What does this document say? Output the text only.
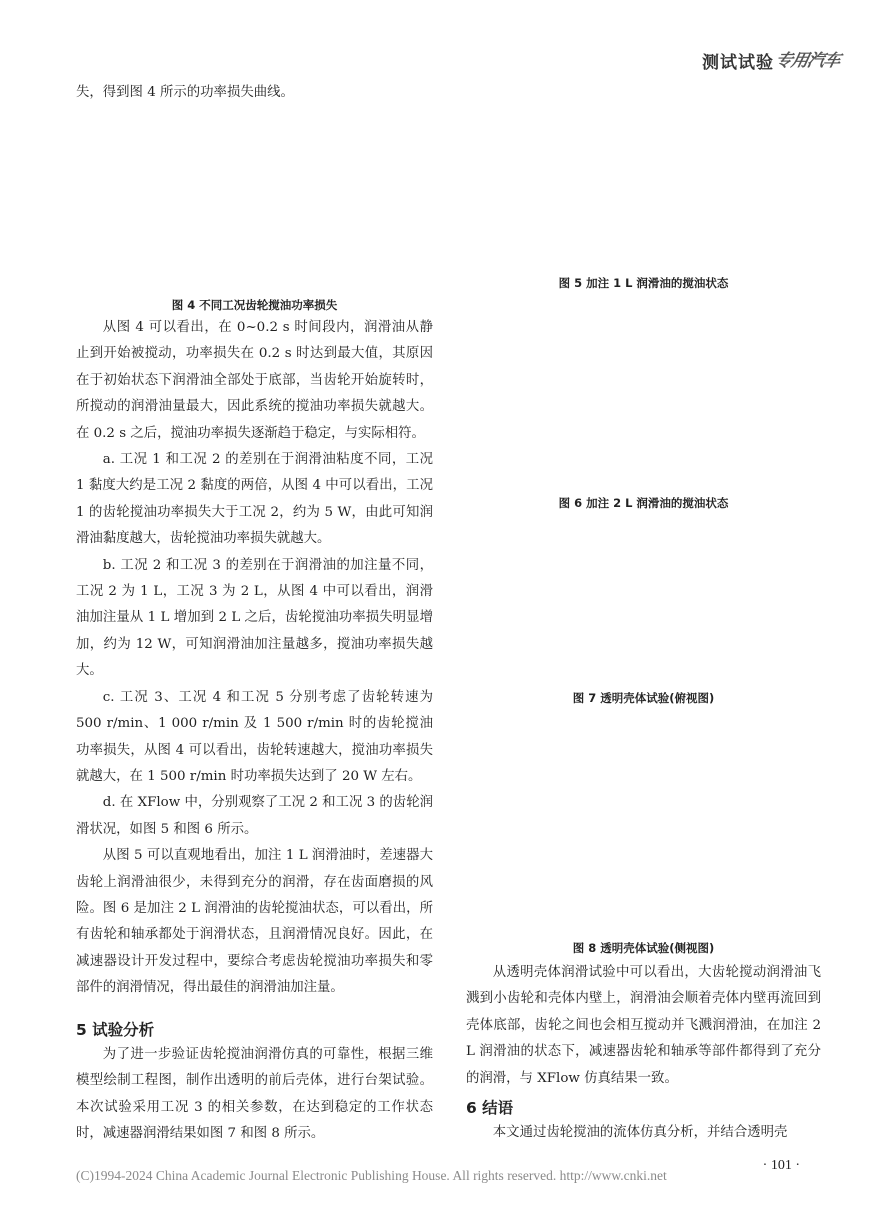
测试试验 专用汽车

失，得到图 4 所示的功率损失曲线。

图 4 不同工况齿轮搅油功率损失

从图 4 可以看出，在 0~0.2 s 时间段内，润滑油从静止到开始被搅动，功率损失在 0.2 s 时达到最大值，其原因在于初始状态下润滑油全部处于底部，当齿轮开始旋转时，所搅动的润滑油量最大，因此系统的搅油功率损失就越大。在 0.2 s 之后，搅油功率损失逐渐趋于稳定，与实际相符。

a. 工况 1 和工况 2 的差别在于润滑油粘度不同，工况 1 黏度大约是工况 2 黏度的两倍，从图 4 中可以看出，工况 1 的齿轮搅油功率损失大于工况 2，约为 5 W，由此可知润滑油黏度越大，齿轮搅油功率损失就越大。

b. 工况 2 和工况 3 的差别在于润滑油的加注量不同，工况 2 为 1 L，工况 3 为 2 L，从图 4 中可以看出，润滑油加注量从 1 L 增加到 2 L 之后，齿轮搅油功率损失明显增加，约为 12 W，可知润滑油加注量越多，搅油功率损失越大。

c. 工况 3、工况 4 和工况 5 分别考虑了齿轮转速为 500 r/min、1 000 r/min 及 1 500 r/min 时的齿轮搅油功率损失，从图 4 可以看出，齿轮转速越大，搅油功率损失就越大，在 1 500 r/min 时功率损失达到了 20 W 左右。

d. 在 XFlow 中，分别观察了工况 2 和工况 3 的齿轮润滑状况，如图 5 和图 6 所示。

从图 5 可以直观地看出，加注 1 L 润滑油时，差速器大齿轮上润滑油很少，未得到充分的润滑，存在齿面磨损的风险。图 6 是加注 2 L 润滑油的齿轮搅油状态，可以看出，所有齿轮和轴承都处于润滑状态，且润滑情况良好。因此，在减速器设计开发过程中，要综合考虑齿轮搅油功率损失和零部件的润滑情况，得出最佳的润滑油加注量。

5 试验分析

为了进一步验证齿轮搅油润滑仿真的可靠性，根据三维模型绘制工程图，制作出透明的前后壳体，进行台架试验。本次试验采用工况 3 的相关参数，在达到稳定的工作状态时，减速器润滑结果如图 7 和图 8 所示。

图 5 加注 1 L 润滑油的搅油状态
图 6 加注 2 L 润滑油的搅油状态
图 7 透明壳体试验(俯视图)
图 8 透明壳体试验(侧视图)

从透明壳体润滑试验中可以看出，大齿轮搅动润滑油飞溅到小齿轮和壳体内壁上，润滑油会顺着壳体内壁再流回到壳体底部，齿轮之间也会相互搅动并飞溅润滑油，在加注 2 L 润滑油的状态下，减速器齿轮和轴承等部件都得到了充分的润滑，与 XFlow 仿真结果一致。

6 结语

本文通过齿轮搅油的流体仿真分析，并结合透明壳

(C)1994-2024 China Academic Journal Electronic Publishing House. All rights reserved. http://www.cnki.net
· 101 ·
